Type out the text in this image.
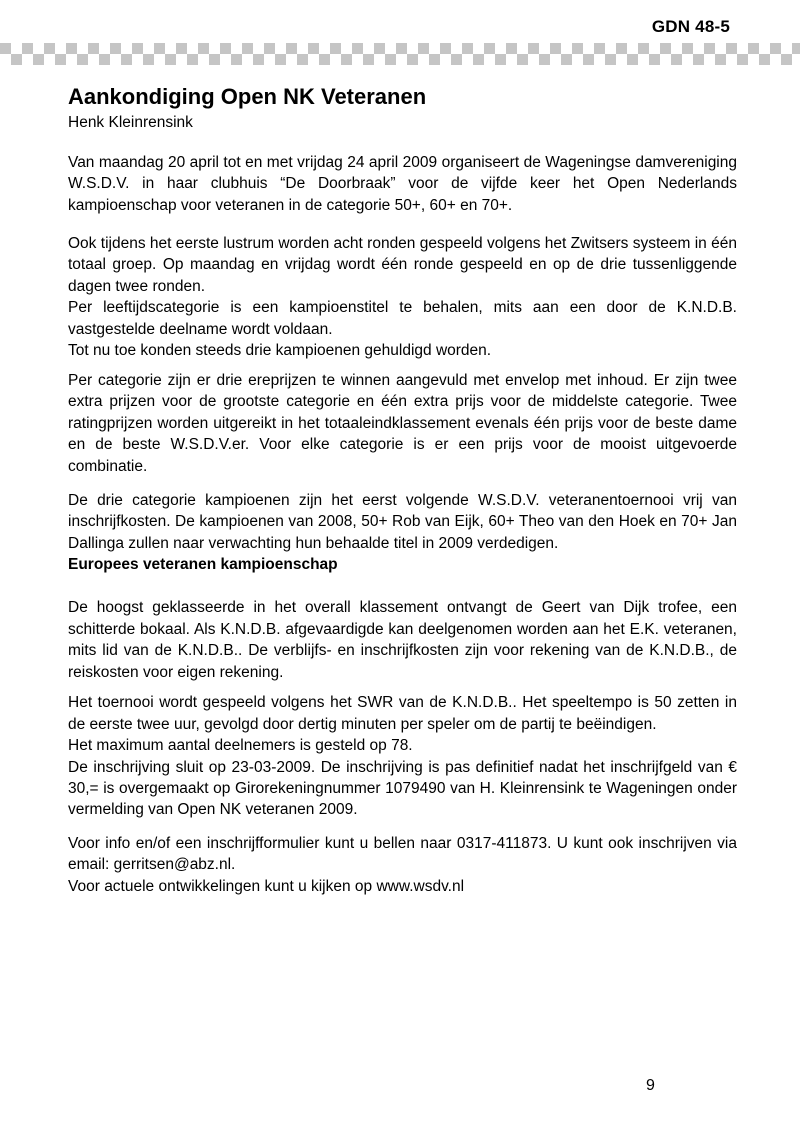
GDN 48-5
Aankondiging Open NK Veteranen
Henk Kleinrensink

Van maandag 20 april tot en met vrijdag 24 april 2009 organiseert de Wageningse damvereniging W.S.D.V. in haar clubhuis “De Doorbraak” voor de vijfde keer het Open Nederlands kampioenschap voor veteranen in de categorie 50+, 60+ en 70+.

Ook tijdens het eerste lustrum worden acht ronden gespeeld volgens het Zwitsers systeem in één totaal groep. Op maandag en vrijdag wordt één ronde gespeeld en op de drie tussenliggende dagen twee ronden.

Per leeftijdscategorie is een kampioenstitel te behalen, mits aan een door de K.N.D.B. vastgestelde deelname wordt voldaan.

Tot nu toe konden steeds drie kampioenen gehuldigd worden.

Per categorie zijn er drie ereprijzen te winnen aangevuld met envelop met inhoud. Er zijn twee extra prijzen voor de grootste categorie en één extra prijs voor de middelste categorie. Twee ratingprijzen worden uitgereikt in het totaaleindklassement evenals één prijs voor de beste dame en de beste W.S.D.V.er. Voor elke categorie is er een prijs voor de mooist uitgevoerde combinatie.

De drie categorie kampioenen zijn het eerst volgende W.S.D.V. veteranentoernooi vrij van inschrijfkosten. De kampioenen van 2008, 50+ Rob van Eijk, 60+ Theo van den Hoek en 70+ Jan Dallinga zullen naar verwachting hun behaalde titel in 2009 verdedigen.

Europees veteranen kampioenschap

De hoogst geklasseerde in het overall klassement ontvangt de Geert van Dijk trofee, een schitterde bokaal. Als K.N.D.B. afgevaardigde kan deelgenomen worden aan het E.K. veteranen, mits lid van de K.N.D.B.. De verblijfs- en inschrijfkosten zijn voor rekening van de K.N.D.B., de reiskosten voor eigen rekening.

Het toernooi wordt gespeeld volgens het SWR van de K.N.D.B.. Het speeltempo is 50 zetten in de eerste twee uur, gevolgd door dertig minuten per speler om de partij te beëindigen.

Het maximum aantal deelnemers is gesteld op 78.

De inschrijving sluit op 23-03-2009. De inschrijving is pas definitief nadat het inschrijfgeld van € 30,= is overgemaakt op Girorekeningnummer 1079490 van H. Kleinrensink te Wageningen onder vermelding van Open NK veteranen 2009.

Voor info en/of een inschrijfformulier kunt u bellen naar 0317-411873. U kunt ook inschrijven via email: gerritsen@abz.nl.

Voor actuele ontwikkelingen kunt u kijken op www.wsdv.nl

9
